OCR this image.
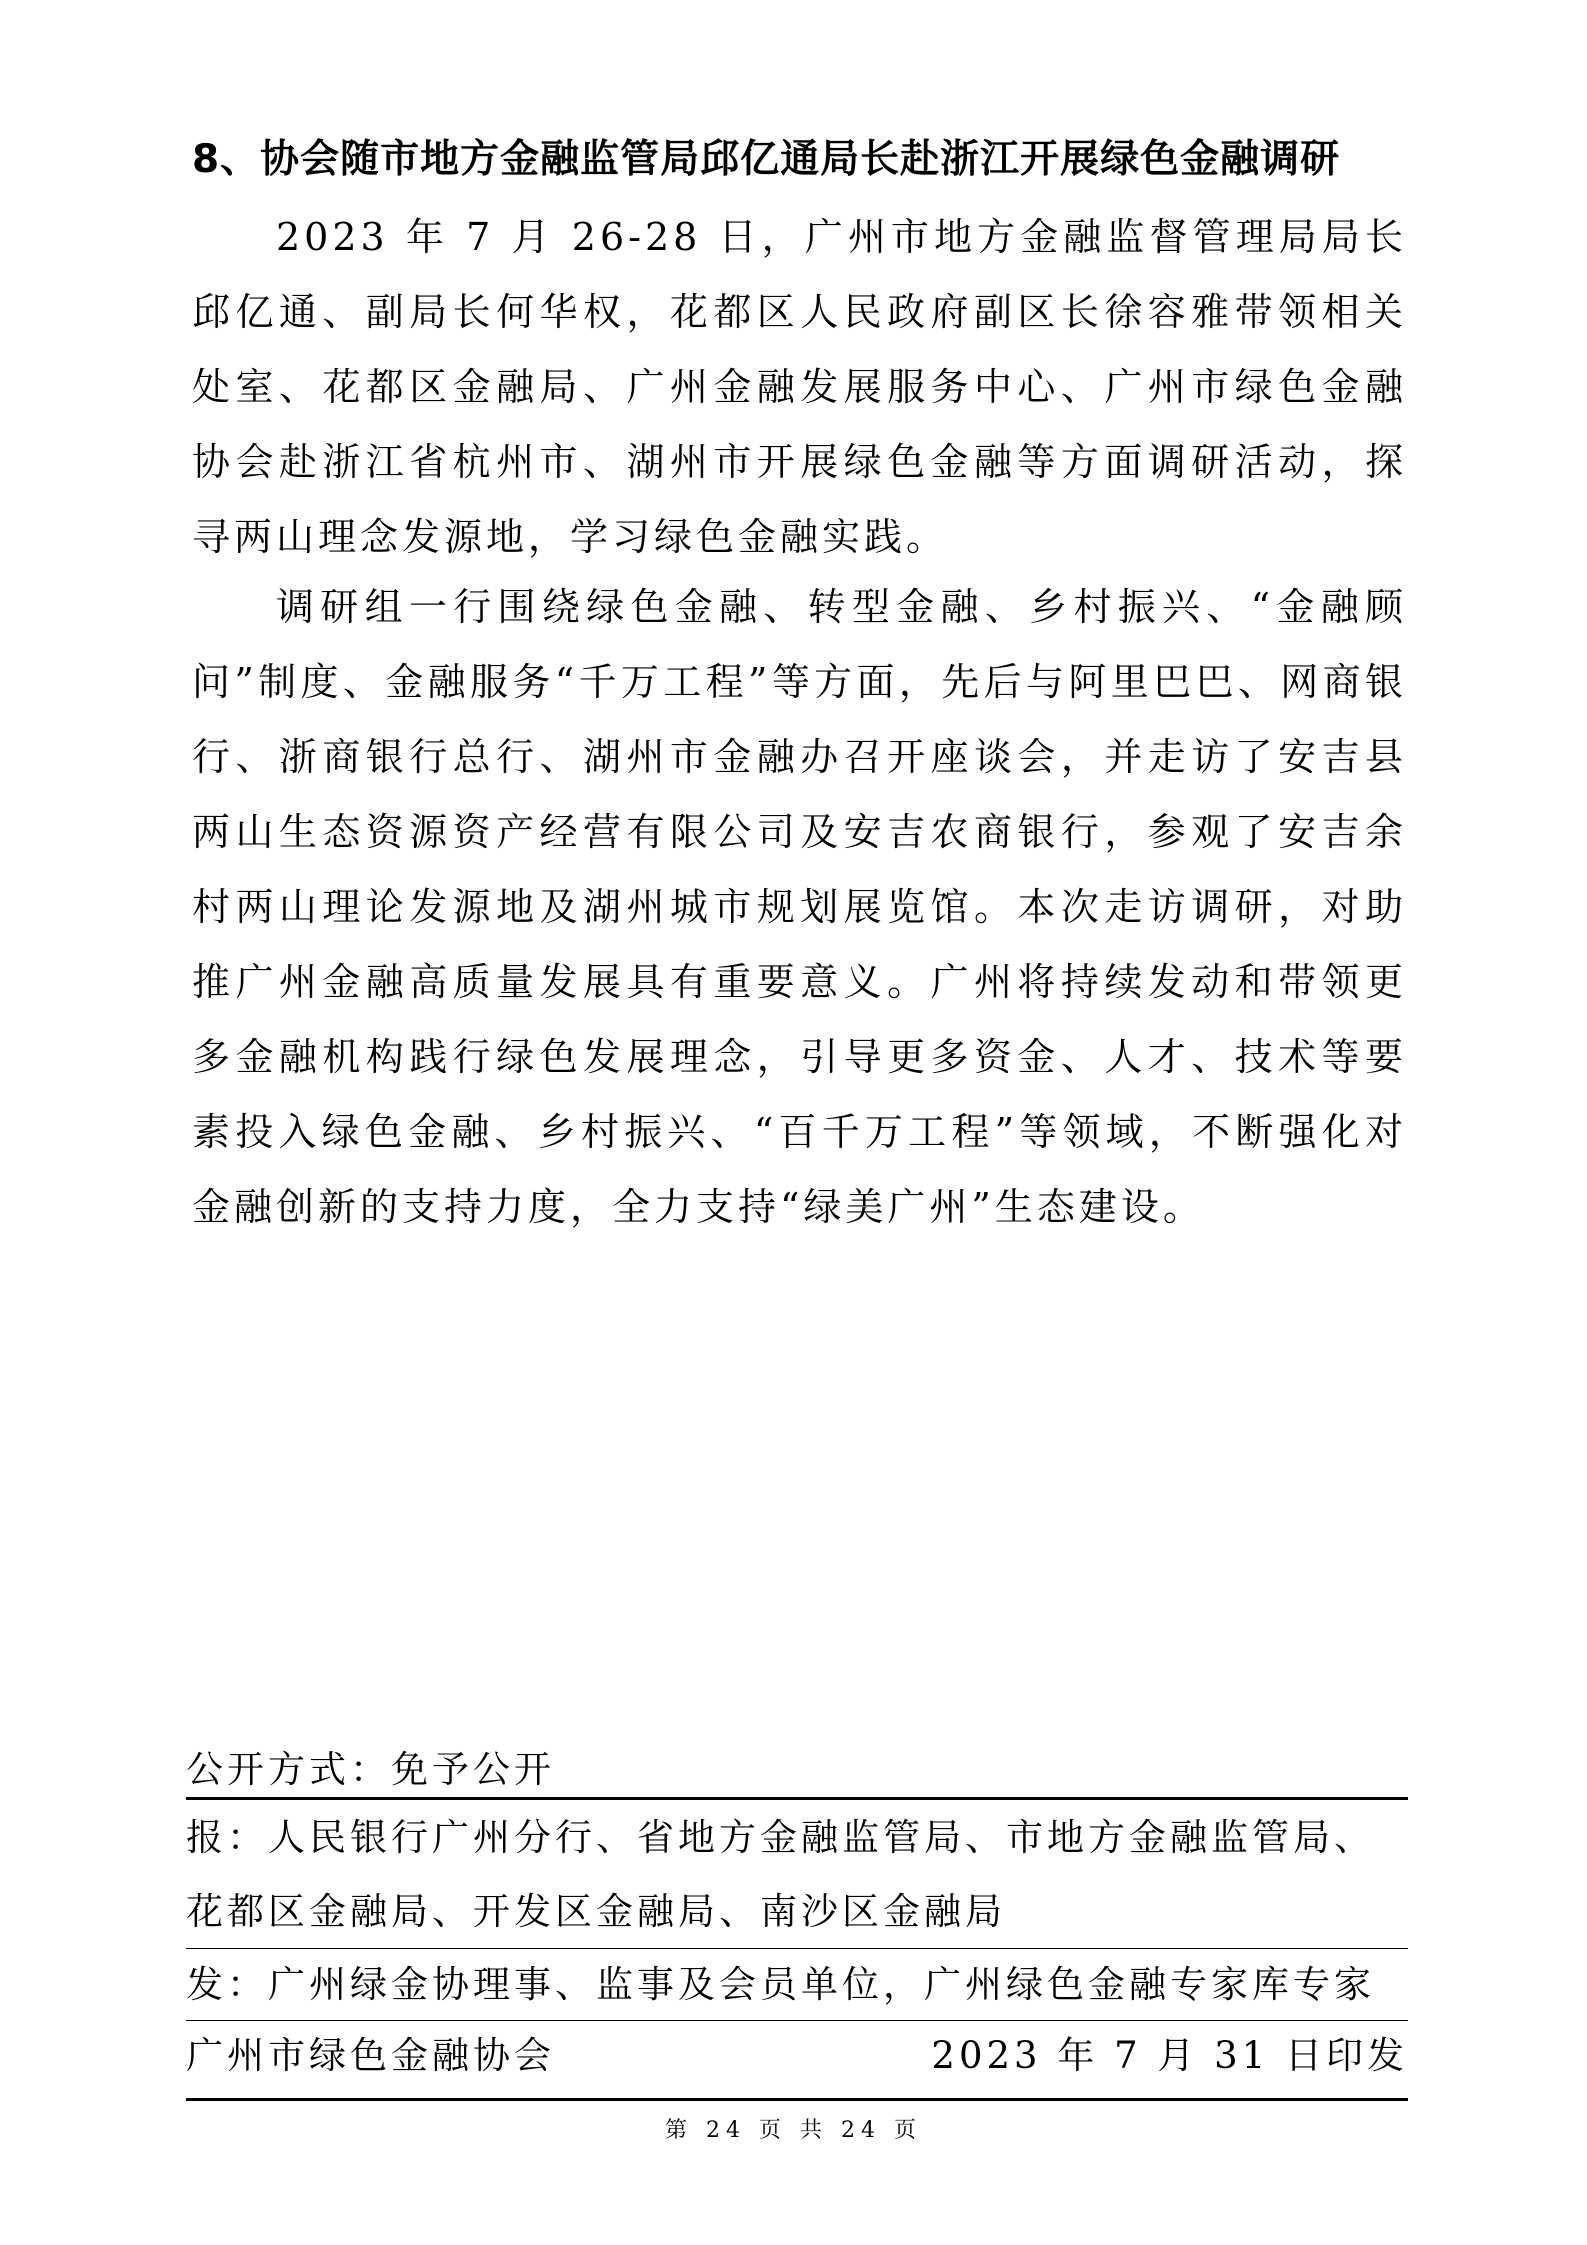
8、协会随市地方金融监管局邱亿通局长赴浙江开展绿色金融调研
2023 年 7 月 26-28 日，广州市地方金融监督管理局局长邱亿通、副局长何华权，花都区人民政府副区长徐容雅带领相关处室、花都区金融局、广州金融发展服务中心、广州市绿色金融协会赴浙江省杭州市、湖州市开展绿色金融等方面调研活动，探寻两山理念发源地，学习绿色金融实践。
调研组一行围绕绿色金融、转型金融、乡村振兴、“金融顾问”制度、金融服务“千万工程”等方面，先后与阿里巴巴、网商银行、浙商银行总行、湖州市金融办召开座谈会，并走访了安吉县两山生态资源资产经营有限公司及安吉农商银行，参观了安吉余村两山理论发源地及湖州城市规划展览馆。本次走访调研，对助推广州金融高质量发展具有重要意义。广州将持续发动和带领更多金融机构践行绿色发展理念，引导更多资金、人才、技术等要素投入绿色金融、乡村振兴、“百千万工程”等领域，不断强化对金融创新的支持力度，全力支持“绿美广州”生态建设。
公开方式：免予公开
报：人民银行广州分行、省地方金融监管局、市地方金融监管局、
花都区金融局、开发区金融局、南沙区金融局
发：广州绿金协理事、监事及会员单位，广州绿色金融专家库专家
广州市绿色金融协会	2023 年 7 月 31 日印发
第 24 页 共 24 页
